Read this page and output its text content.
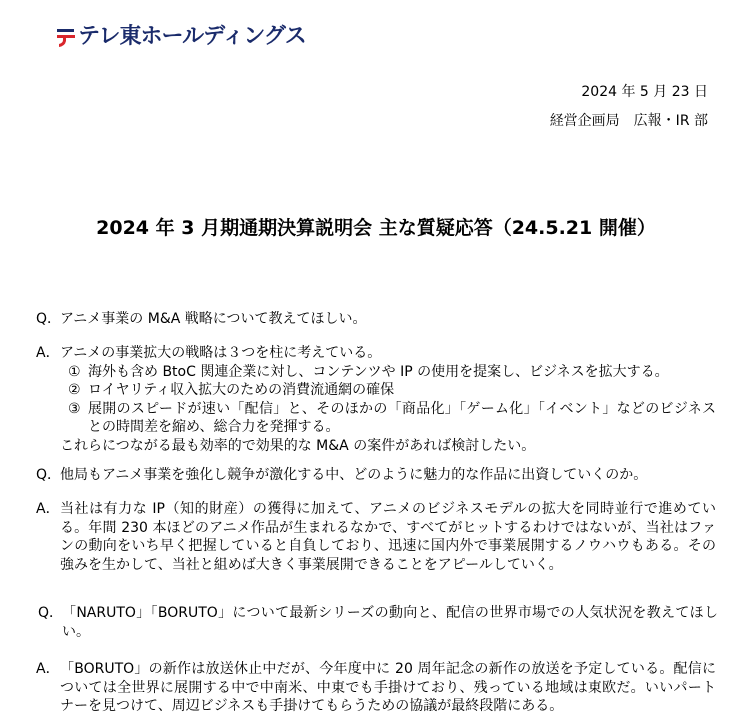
テレ東ホールディングス
2024 年 5 月 23 日
経営企画局　広報・IR 部
2024 年 3 月期通期決算説明会 主な質疑応答（24.5.21 開催）
Q．
アニメ事業の M&A 戦略について教えてほしい。
A． アニメの事業拡大の戦略は３つを柱に考えている。
① 海外も含め BtoC 関連企業に対し、コンテンツや IP の使用を提案し、ビジネスを拡大する。
② ロイヤリティ収入拡大のための消費流通網の確保
③ 展開のスピードが速い「配信」と、そのほかの「商品化」「ゲーム化」「イベント」などのビジネスとの時間差を縮め、総合力を発揮する。
これらにつながる最も効率的で効果的な M&A の案件があれば検討したい。
Q．
他局もアニメ事業を強化し競争が激化する中、どのように魅力的な作品に出資していくのか。
A． 当社は有力な IP（知的財産）の獲得に加えて、アニメのビジネスモデルの拡大を同時並行で進めている。年間 230 本ほどのアニメ作品が生まれるなかで、すべてがヒットするわけではないが、当社はファンの動向をいち早く把握していると自負しており、迅速に国内外で事業展開するノウハウもある。その強みを生かして、当社と組めば大きく事業展開できることをアピールしていく。
Q．
「NARUTO」「BORUTO」について最新シリーズの動向と、配信の世界市場での人気状況を教えてほしい。
A． 「BORUTO」の新作は放送休止中だが、今年度中に 20 周年記念の新作の放送を予定している。配信については全世界に展開する中で中南米、中東でも手掛けており、残っている地域は東欧だ。いいパートナーを見つけて、周辺ビジネスも手掛けてもらうための協議が最終段階にある。
